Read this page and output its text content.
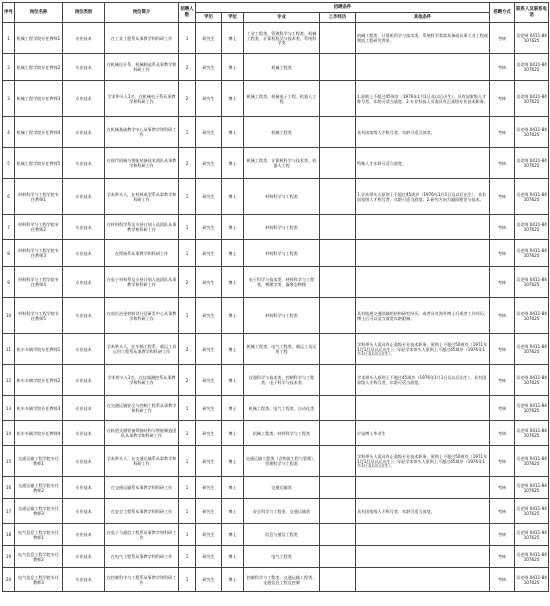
序号	岗位名称	岗位类别	岗位简介	招聘人数	招聘条件					招聘方式	联系人及联系电话
					学历	学位	专业	工作经历	其他条件		
1	机械工程学院专任教师1	专业技术	在工业工程系从事教学和科研工作	1	研究生	博士	工业工程类、管理科学与工程类、机械工程类、计算机科学与技术类、系统科学类		机械工程类、计算机科学与技术类、系统科学类需具备或从事工业工程或物流工程研究背景。	考核	吴老师 0411-84107625
2	机械工程学院专任教师2	专业技术	在机械设计系、机械制造系从事教学和科研工作	2	研究生	博士	机械工程类			考核	吴老师 0411-84107625
3	机械工程学院专任教师3	专业技术	学术带头人1名、在机械电子系从事教学和科研工作	2	研究生	博士	机械工程类、机械电子工程、机器人工程		1.原则上不超过45周岁（1976年1月1日及以后出生），具有国家级人才称号者，年龄可适当放宽；2.专业科技人员需具有正高级专业技术职务。	考核	吴老师 0411-84107625
4	机械工程学院专任教师4	专业技术	在机械基础教学中心从事教学和科研工作	1	研究生	博士	机械工程类		具有国家级人才称号者，年龄可适当放宽。	考核	吴老师 0411-84107625
5	机械工程学院专任教师5	专业技术	在现代机械与智能装备技术团队从事教学和科研工作	2	研究生	博士	机械工程类、计算机科学与技术类、机器人工程		特殊人才年龄可适当放宽。	考核	吴老师 0411-84107625
6	材料科学与工程学院专任教师1	专业技术	学术带头人，在材料成型系从事教学和科研工作	1	研究生	博士	材料科学与工程类		1.学术带头人原则上不超过45周岁（1976年1月1日及以后出生），具有国家级人才称号者，年龄可适当放宽；2.研究方向为凝固理论与技术。	考核	吴老师 0411-84107625
7	材料科学与工程学院专任教师2	专业技术	在材料科学系及支持计划人选团队从事教学和科研工作	1	研究生	博士	材料科学与工程类			考核	吴老师 0411-84107625
8	材料科学与工程学院专任教师3	专业技术	在焊接系从事教学和科研工作	1	研究生	博士	材料科学与工程类			考核	吴老师 0411-84107625
9	材料科学与工程学院专任教师4	专业技术	在电子材料系及支持计划人选团队从事教学和科研工作	2	研究生	博士	电子科学与技术类、材料科学与工程类、物理学类、凝聚态物理			考核	吴老师 0411-84107625
10	材料科学与工程学院专任教师5	专业技术	在前沿冶金材料设计及研发中心从事教学和科研工作	1	研究生	博士	材料科学与工程类		具有轨道交通领域的材料研究经历，或者具有海外博士后或者工作经历，博士后可以适当放宽年龄限制。	考核	吴老师 0411-84107625
11	机车车辆学院专任教师1	专业技术	学术带头人，在车辆工程系、载运工具运用工程系从事教学和科研工作	2	研究生	博士	机械工程类、电气工程类、载运工具运用工程		学科带头人需具有正高级专业技术职务，原则上不超过50周岁（1971年1月1日及以后出生）；年轻学术带头人原则上不超过45周岁（1976年1月1日及以后出生）。	考核	吴老师 0411-84107625
12	机车车辆学院专任教师2	专业技术	学术带头人1名、在仪器测控系从事教学和科研工作	2	研究生	博士	仪器科学与技术类、控制科学与工程类、电子科学与技术类		学术带头人原则上不超过45周岁（1976年1月1日及以后出生），具有国家级人才称号者，年龄可适当放宽。	考核	吴老师 0411-84107625
13	机车车辆学院专任教师3	专业技术	在交通运输安全与控制工程系从事教学和科研工作	1	研究生	博士	机械工程类、电气工程类、自动化类			考核	吴老师 0411-84107625
14	机车车辆学院专任教师4	专业技术	在轨道交通装备焊接结构与智能制造团队从事教学和科研工作	1	研究生	博士	机械工程类、材料科学与工程类		应届博士毕业生	考核	吴老师 0411-84107625
15	交通运输工程学院专任教师1	专业技术	学术带头人、在交通运输系从事教学和科研工作	1	研究生	博士	交通运输工程类（含物流工程与管理）、管理科学与工程类		学科带头人需具有正高级专业技术职务，原则上不超过50周岁（1971年1月1日及以后出生）；年轻学术带头人原则上不超过45周岁（1976年1月1日及以后出生）。	考核	吴老师 0411-84107625
16	交通运输工程学院专任教师2	专业技术	在交通运输系从事教学和科研工作	1	研究生	博士	交通运输类			考核	吴老师 0411-84107625
17	交通运输工程学院专任教师3	专业技术	在安全工程系从事教学和科研工作	1	研究生	博士	安全科学与工程类、交通运输类		具有国家级人才称号者，年龄可适当放宽。	考核	吴老师 0411-84107625
18	电气信息工程学院专任教师1	专业技术	在电子与通信工程系从事教学和科研工作	1	研究生	博士	信息与通信工程类			考核	吴老师 0411-84107625
19	电气信息工程学院专任教师2	专业技术	在电气工程系从事教学和科研工作	1	研究生	博士	电气工程类			考核	吴老师 0411-84107625
20	电气信息工程学院专任教师3	专业技术	在控制科学与工程系从事教学和科研工作	1	研究生	博士	控制科学与工程类、交通运输工程类、交通信息工程及控制			考核	吴老师 0411-84107625
